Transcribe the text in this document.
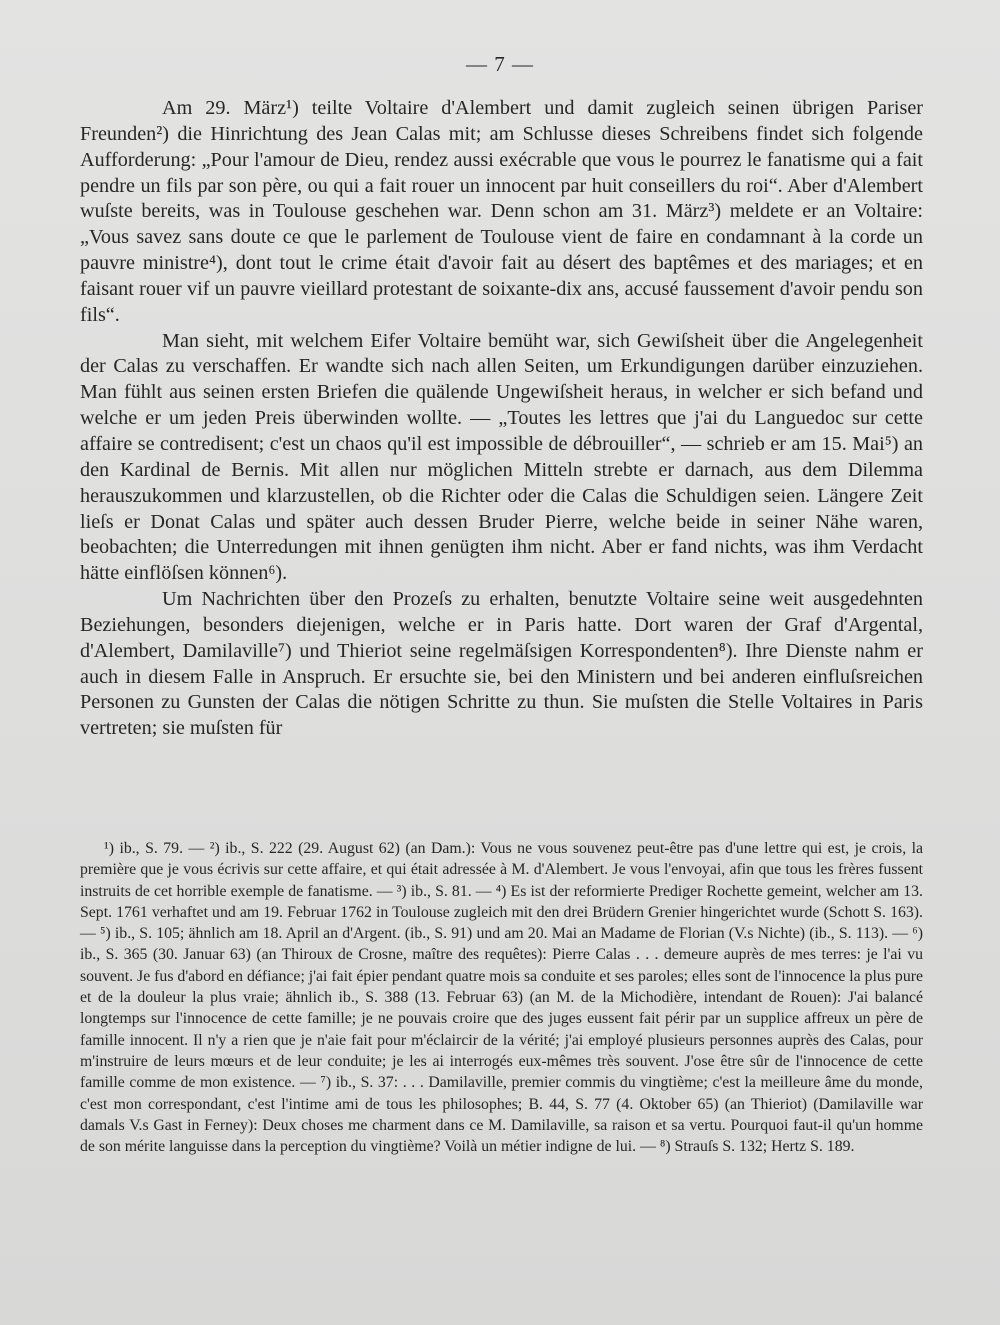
— 7 —

Am 29. März¹) teilte Voltaire d'Alembert und damit zugleich seinen übrigen Pariser Freunden²) die Hinrichtung des Jean Calas mit; am Schlusse dieses Schreibens findet sich folgende Aufforderung: „Pour l'amour de Dieu, rendez aussi exécrable que vous le pourrez le fanatisme qui a fait pendre un fils par son père, ou qui a fait rouer un innocent par huit conseillers du roi“. Aber d'Alembert wuſste bereits, was in Toulouse geschehen war. Denn schon am 31. März³) meldete er an Voltaire: „Vous savez sans doute ce que le parlement de Toulouse vient de faire en condamnant à la corde un pauvre ministre⁴), dont tout le crime était d'avoir fait au désert des baptêmes et des mariages; et en faisant rouer vif un pauvre vieillard protestant de soixante-dix ans, accusé faussement d'avoir pendu son fils“.

Man sieht, mit welchem Eifer Voltaire bemüht war, sich Gewiſsheit über die Angelegenheit der Calas zu verschaffen. Er wandte sich nach allen Seiten, um Erkundigungen darüber einzuziehen. Man fühlt aus seinen ersten Briefen die quälende Ungewiſsheit heraus, in welcher er sich befand und welche er um jeden Preis überwinden wollte. — „Toutes les lettres que j'ai du Languedoc sur cette affaire se contredisent; c'est un chaos qu'il est impossible de débrouiller“, — schrieb er am 15. Mai⁵) an den Kardinal de Bernis. Mit allen nur möglichen Mitteln strebte er darnach, aus dem Dilemma herauszukommen und klarzustellen, ob die Richter oder die Calas die Schuldigen seien. Längere Zeit lieſs er Donat Calas und später auch dessen Bruder Pierre, welche beide in seiner Nähe waren, beobachten; die Unterredungen mit ihnen genügten ihm nicht. Aber er fand nichts, was ihm Verdacht hätte einflöſsen können⁶).

Um Nachrichten über den Prozeſs zu erhalten, benutzte Voltaire seine weit ausgedehnten Beziehungen, besonders diejenigen, welche er in Paris hatte. Dort waren der Graf d'Argental, d'Alembert, Damilaville⁷) und Thieriot seine regelmäſsigen Korrespondenten⁸). Ihre Dienste nahm er auch in diesem Falle in Anspruch. Er ersuchte sie, bei den Ministern und bei anderen einfluſsreichen Personen zu Gunsten der Calas die nötigen Schritte zu thun. Sie muſsten die Stelle Voltaires in Paris vertreten; sie muſsten für

¹) ib., S. 79. — ²) ib., S. 222 (29. August 62) (an Dam.): Vous ne vous souvenez peut-être pas d'une lettre qui est, je crois, la première que je vous écrivis sur cette affaire, et qui était adressée à M. d'Alembert. Je vous l'envoyai, afin que tous les frères fussent instruits de cet horrible exemple de fanatisme. — ³) ib., S. 81. — ⁴) Es ist der reformierte Prediger Rochette gemeint, welcher am 13. Sept. 1761 verhaftet und am 19. Februar 1762 in Toulouse zugleich mit den drei Brüdern Grenier hingerichtet wurde (Schott S. 163). — ⁵) ib., S. 105; ähnlich am 18. April an d'Argent. (ib., S. 91) und am 20. Mai an Madame de Florian (V.s Nichte) (ib., S. 113). — ⁶) ib., S. 365 (30. Januar 63) (an Thiroux de Crosne, maître des requêtes): Pierre Calas . . . demeure auprès de mes terres: je l'ai vu souvent. Je fus d'abord en défiance; j'ai fait épier pendant quatre mois sa conduite et ses paroles; elles sont de l'innocence la plus pure et de la douleur la plus vraie; ähnlich ib., S. 388 (13. Februar 63) (an M. de la Michodière, intendant de Rouen): J'ai balancé longtemps sur l'innocence de cette famille; je ne pouvais croire que des juges eussent fait périr par un supplice affreux un père de famille innocent. Il n'y a rien que je n'aie fait pour m'éclaircir de la vérité; j'ai employé plusieurs personnes auprès des Calas, pour m'instruire de leurs mœurs et de leur conduite; je les ai interrogés eux-mêmes très souvent. J'ose être sûr de l'innocence de cette famille comme de mon existence. — ⁷) ib., S. 37: . . . Damilaville, premier commis du vingtième; c'est la meilleure âme du monde, c'est mon correspondant, c'est l'intime ami de tous les philosophes; B. 44, S. 77 (4. Oktober 65) (an Thieriot) (Damilaville war damals V.s Gast in Ferney): Deux choses me charment dans ce M. Damilaville, sa raison et sa vertu. Pourquoi faut-il qu'un homme de son mérite languisse dans la perception du vingtième? Voilà un métier indigne de lui. — ⁸) Strauſs S. 132; Hertz S. 189.
